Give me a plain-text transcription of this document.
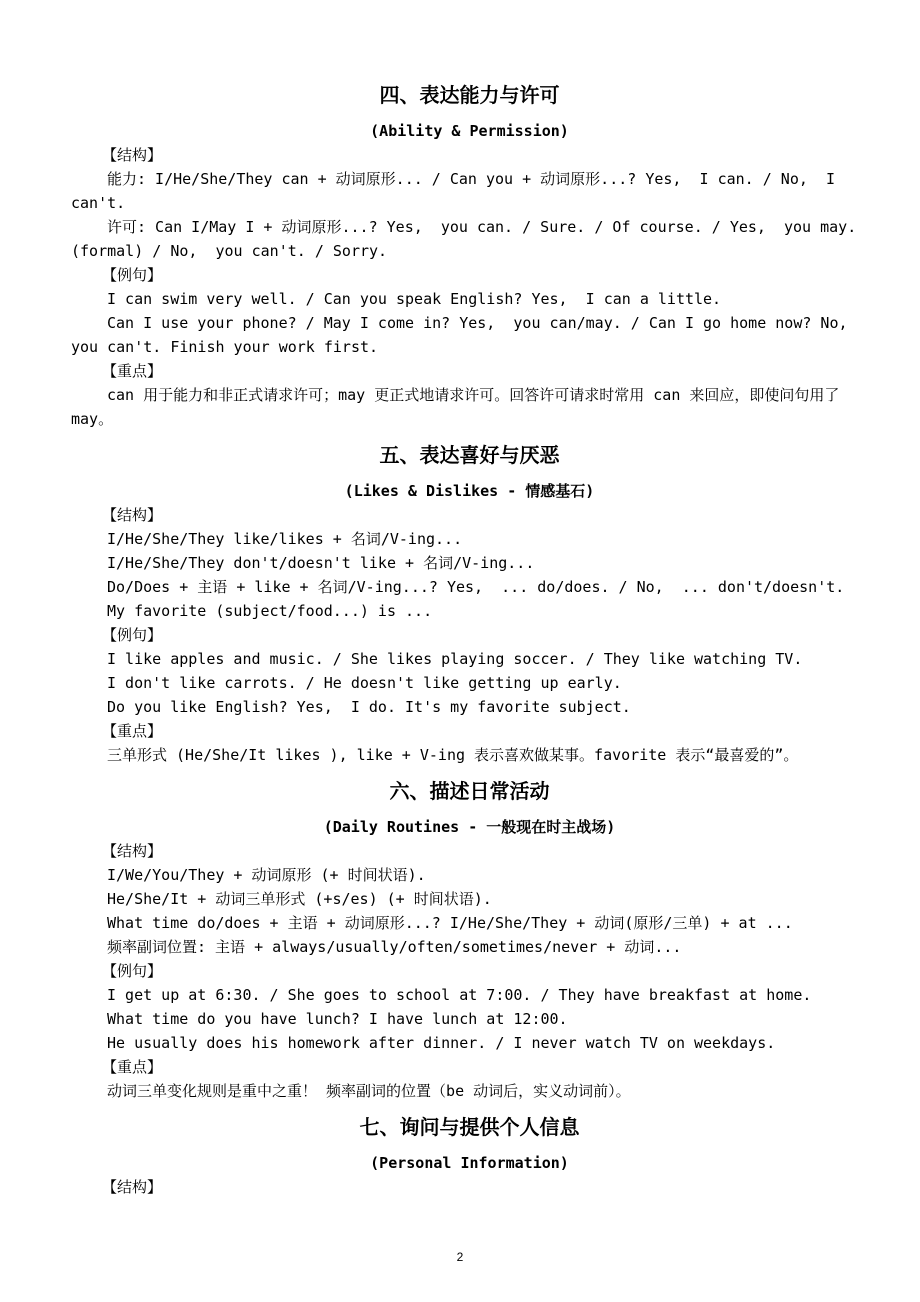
四、表达能力与许可
(Ability & Permission)
【结构】
能力: I/He/She/They can + 动词原形... / Can you + 动词原形...? Yes,  I can. / No,  I can't.
许可: Can I/May I + 动词原形...? Yes,  you can. / Sure. / Of course. / Yes,  you may. (formal) / No,  you can't. / Sorry.
【例句】
I can swim very well. / Can you speak English? Yes,  I can a little.
Can I use your phone? / May I come in? Yes,  you can/may. / Can I go home now? No,  you can't. Finish your work first.
【重点】
can 用于能力和非正式请求许可；may 更正式地请求许可。回答许可请求时常用 can 来回应，即使问句用了 may。
五、表达喜好与厌恶
(Likes & Dislikes - 情感基石)
【结构】
I/He/She/They like/likes + 名词/V-ing...
I/He/She/They don't/doesn't like + 名词/V-ing...
Do/Does + 主语 + like + 名词/V-ing...? Yes,  ... do/does. / No,  ... don't/doesn't.
My favorite (subject/food...) is ...
【例句】
I like apples and music. / She likes playing soccer. / They like watching TV.
I don't like carrots. / He doesn't like getting up early.
Do you like English? Yes,  I do. It's my favorite subject.
【重点】
三单形式 (He/She/It likes ), like + V-ing 表示喜欢做某事。favorite 表示“最喜爱的”。
六、描述日常活动
(Daily Routines - 一般现在时主战场)
【结构】
I/We/You/They + 动词原形 (+ 时间状语).
He/She/It + 动词三单形式 (+s/es) (+ 时间状语).
What time do/does + 主语 + 动词原形...? I/He/She/They + 动词(原形/三单) + at ...
频率副词位置: 主语 + always/usually/often/sometimes/never + 动词...
【例句】
I get up at 6:30. / She goes to school at 7:00. / They have breakfast at home.
What time do you have lunch? I have lunch at 12:00.
He usually does his homework after dinner. / I never watch TV on weekdays.
【重点】
动词三单变化规则是重中之重！ 频率副词的位置（be 动词后，实义动词前）。
七、询问与提供个人信息
(Personal Information)
【结构】
2
